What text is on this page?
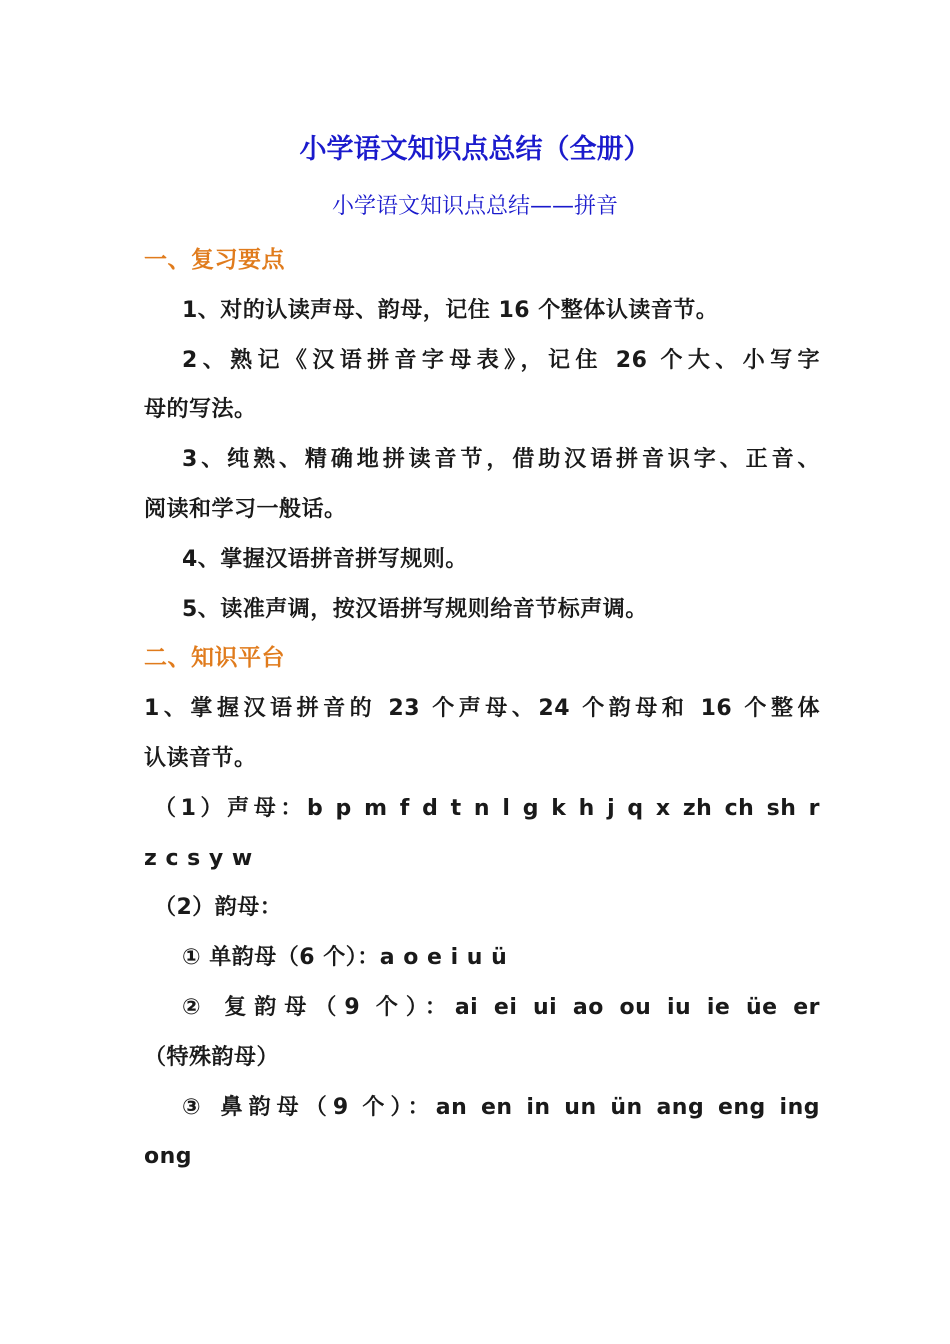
小学语文知识点总结（全册）
小学语文知识点总结——拼音
一、复习要点
1、对的认读声母、韵母，记住 16 个整体认读音节。
2、熟记《汉语拼音字母表》，记住 26 个大、小写字
母的写法。
3、纯熟、精确地拼读音节，借助汉语拼音识字、正音、
阅读和学习一般话。
4、掌握汉语拼音拼写规则。
5、读准声调，按汉语拼写规则给音节标声调。
二、知识平台
1、掌握汉语拼音的 23 个声母、24 个韵母和 16 个整体
认读音节。
（1）声母：b p m f d t n l g k h j q x zh ch sh r
z c s y w
（2）韵母：
① 单韵母（6 个）：a o e i u ü
② 复韵母（9 个）：ai ei ui ao ou iu ie üe er
（特殊韵母）
③ 鼻韵母（9 个）：an en in un ün ang eng ing
ong
